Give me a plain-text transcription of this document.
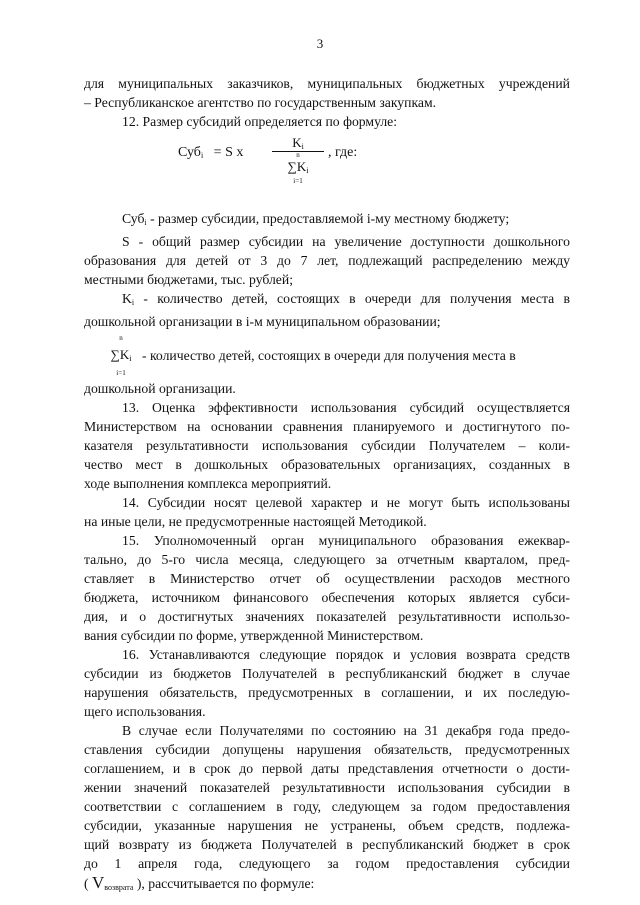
3

для муниципальных заказчиков, муниципальных бюджетных учреждений

– Республиканское агентство по государственным закупкам.

12. Размер субсидий определяется по формуле:

Суб$_i$ = S x
$K_i$
n
$\sum K_i$
i=1
, где:

Суб$_i$ - размер субсидии, предоставляемой i-му местному бюджету;

S - общий размер субсидии на увеличение доступности дошкольного

образования для детей от 3 до 7 лет, подлежащий распределению между

местными бюджетами, тыс. рублей;

$K_i$ - количество детей, состоящих в очереди для получения места в

дошкольной организации в i-м муниципальном образовании;

n
$\sum K_i$
i=1
- количество детей, состоящих в очереди для получения места в

дошкольной организации.

13. Оценка эффективности использования субсидий осуществляется

Министерством на основании сравнения планируемого и достигнутого по-

казателя результативности использования субсидии Получателем – коли-

чество мест в дошкольных образовательных организациях, созданных в

ходе выполнения комплекса мероприятий.

14. Субсидии носят целевой характер и не могут быть использованы

на иные цели, не предусмотренные настоящей Методикой.

15. Уполномоченный орган муниципального образования ежеквар-

тально, до 5-го числа месяца, следующего за отчетным кварталом, пред-

ставляет в Министерство отчет об осуществлении расходов местного

бюджета, источником финансового обеспечения которых является субси-

дия, и о достигнутых значениях показателей результативности использо-

вания субсидии по форме, утвержденной Министерством.

16. Устанавливаются следующие порядок и условия возврата средств

субсидии из бюджетов Получателей в республиканский бюджет в случае

нарушения обязательств, предусмотренных в соглашении, и их последую-

щего использования.

В случае если Получателями по состоянию на 31 декабря года предо-

ставления субсидии допущены нарушения обязательств, предусмотренных

соглашением, и в срок до первой даты представления отчетности о дости-

жении значений показателей результативности использования субсидии в

соответствии с соглашением в году, следующем за годом предоставления

субсидии, указанные нарушения не устранены, объем средств, подлежа-

щий возврату из бюджета Получателей в республиканский бюджет в срок

до 1 апреля года, следующего за годом предоставления субсидии

( $V_{возврата}$ ), рассчитывается по формуле:
